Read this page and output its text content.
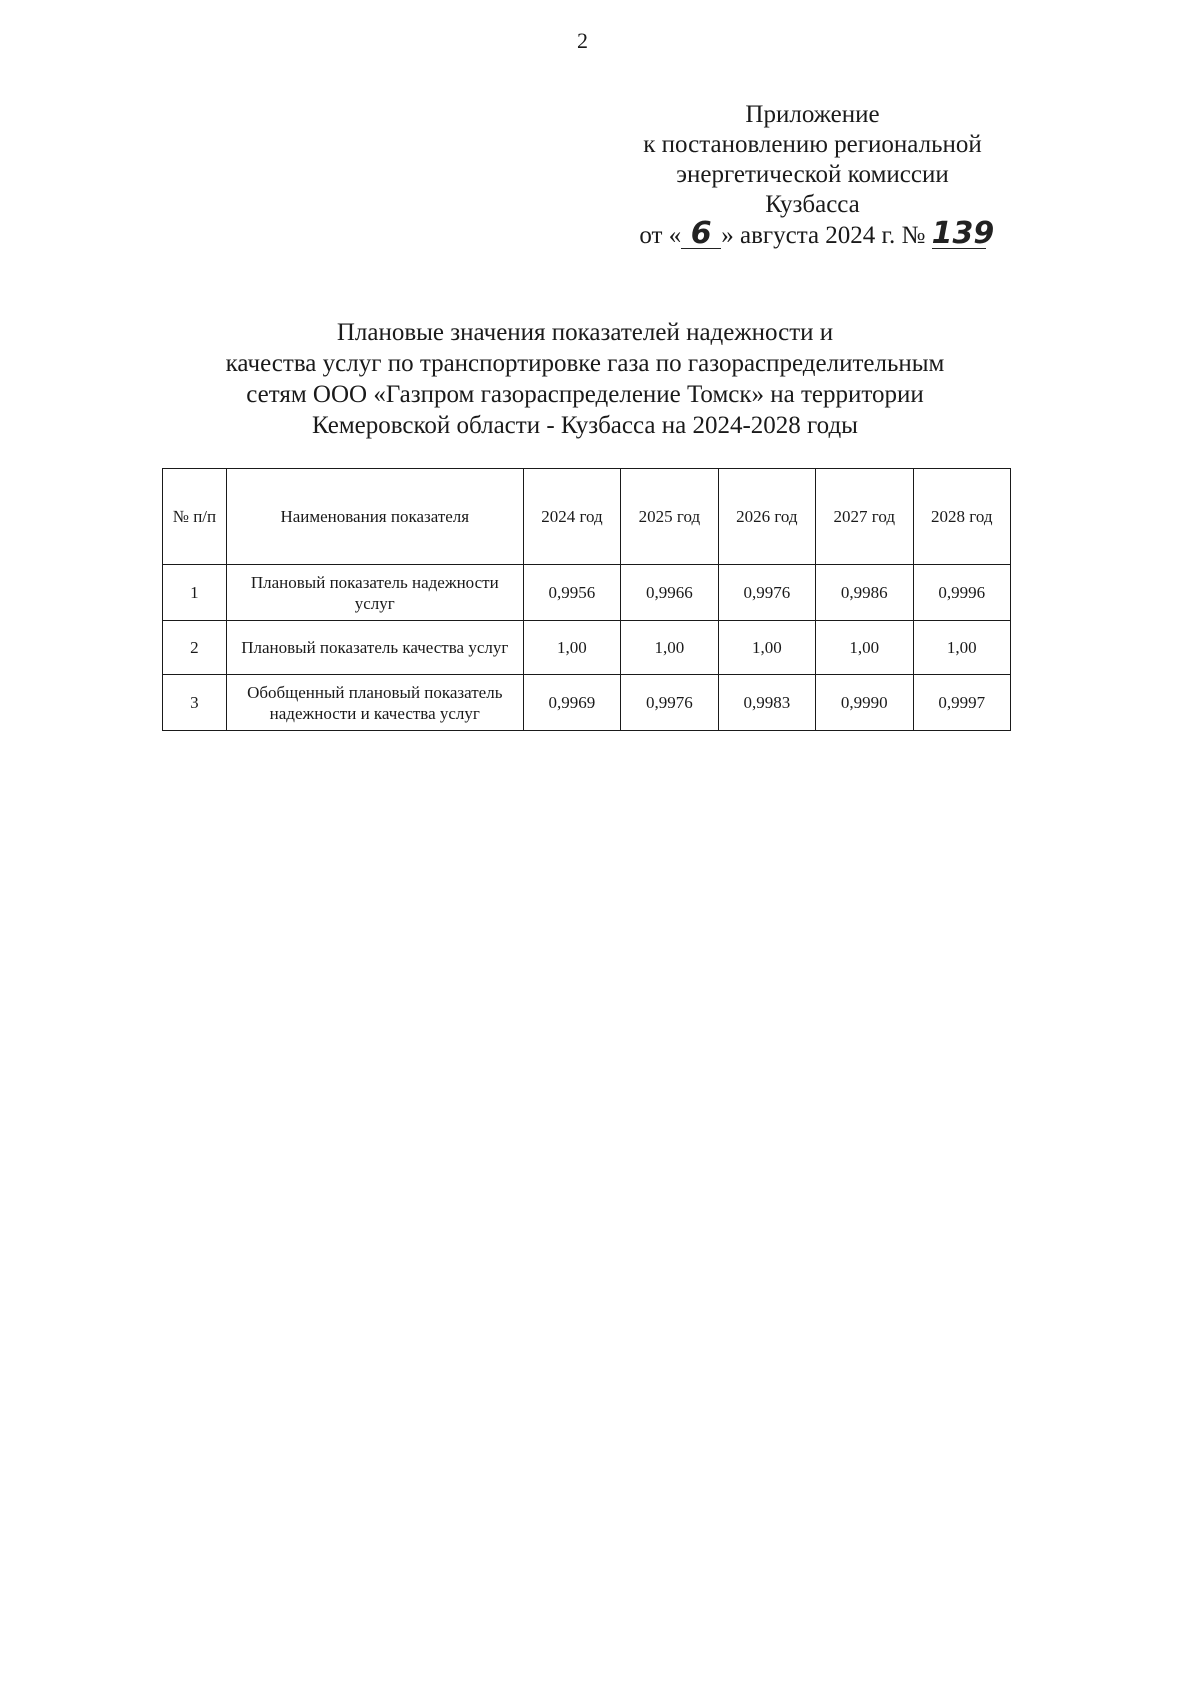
2
Приложение
к постановлению региональной
энергетической комиссии
Кузбасса
от « 6 » августа 2024 г. № 139
Плановые значения показателей надежности и
качества услуг по транспортировке газа по газораспределительным
сетям ООО «Газпром газораспределение Томск» на территории
Кемеровской области - Кузбасса на 2024-2028 годы
№ п/п	Наименования показателя	2024 год	2025 год	2026 год	2027 год	2028 год
1	Плановый показатель надежности услуг	0,9956	0,9966	0,9976	0,9986	0,9996
2	Плановый показатель качества услуг	1,00	1,00	1,00	1,00	1,00
3	Обобщенный плановый показатель надежности и качества услуг	0,9969	0,9976	0,9983	0,9990	0,9997
